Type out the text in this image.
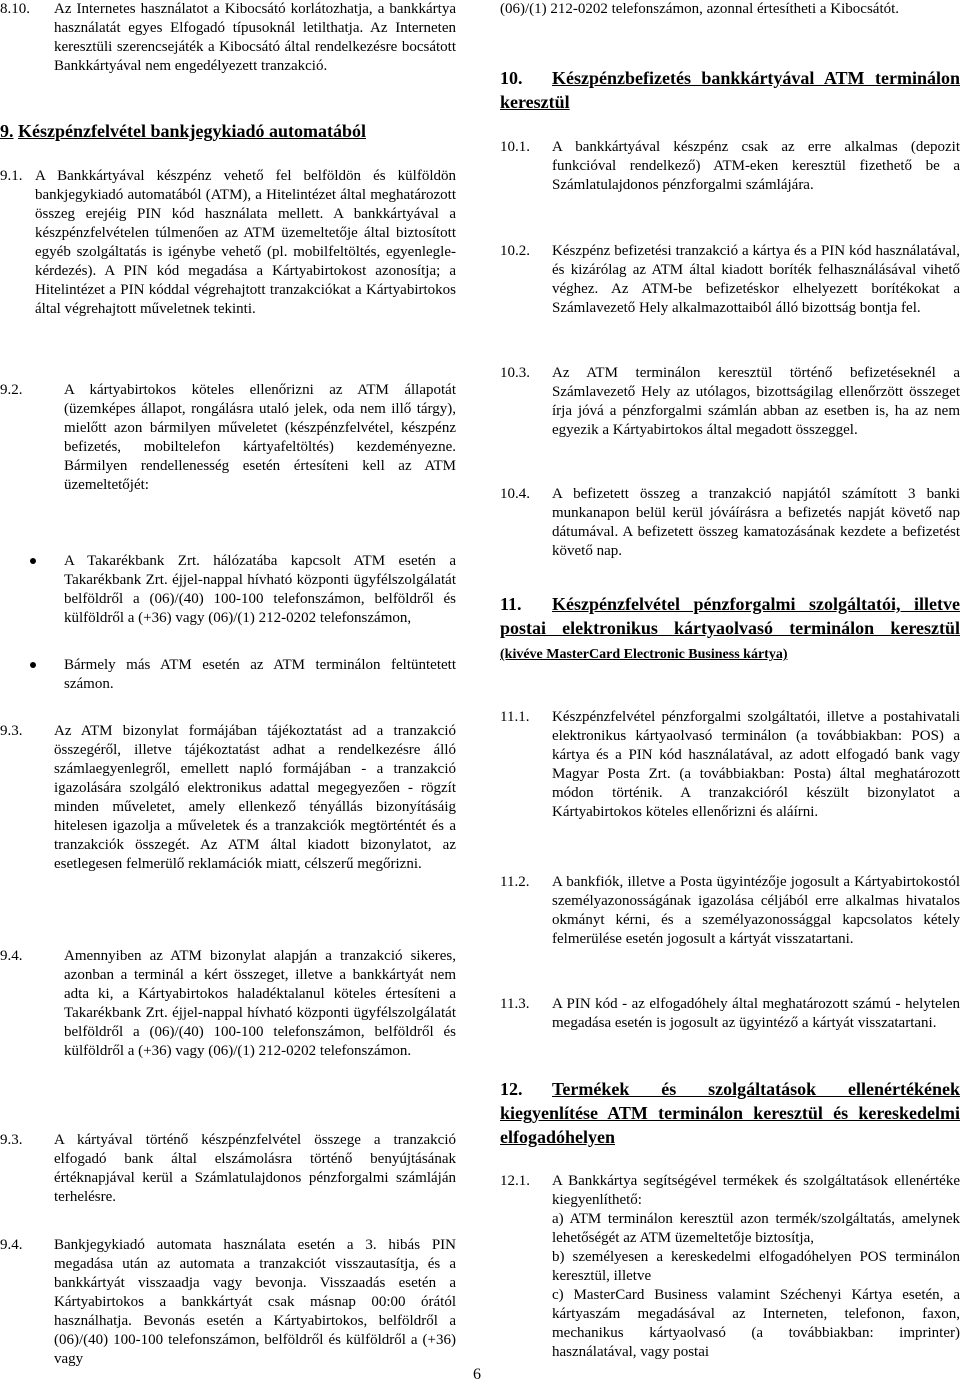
8.10. Az Internetes használatot a Kibocsátó korlátozhatja, a bankkártya használatát egyes Elfogadó típusoknál letilthatja. Az Interneten keresztüli szerencsejáték a Kibocsátó által rendelkezésre bocsátott Bankkártyával nem engedélyezett tranzakció.
9. Készpénzfelvétel bankjegykiadó automatából
9.1. A Bankkártyával készpénz vehető fel belföldön és külföldön bankjegykiadó automatából (ATM), a Hitelintézet által meghatározott összeg erejéig PIN kód használata mellett. A bankkártyával a készpénzfelvételen túlmenően az ATM üzemeltetője által biztosított egyéb szolgáltatás is igénybe vehető (pl. mobilfeltöltés, egyenleglekérdezés). A PIN kód megadása a Kártyabirtokost azonosítja; a Hitelintézet a PIN kóddal végrehajtott tranzakciókat a Kártyabirtokos által végrehajtott műveletnek tekinti.
9.2.	A kártyabirtokos köteles ellenőrizni az ATM állapotát (üzemképes állapot, rongálásra utaló jelek, oda nem illő tárgy), mielőtt azon bármilyen műveletet (készpénzfelvétel, készpénz befizetés, mobiltelefon kártyafeltöltés) kezdeményezne. Bármilyen rendellenesség esetén értesíteni kell az ATM üzemeltetőjét:
A Takarékbank Zrt. hálózatába kapcsolt ATM esetén a Takarékbank Zrt. éjjel-nappal hívható központi ügyfélszolgálatát belföldről a (06)/(40) 100-100 telefonszámon, belföldről és külföldről a (+36) vagy (06)/(1) 212-0202 telefonszámon,
Bármely más ATM esetén az ATM terminálon feltüntetett számon.
9.3. Az ATM bizonylat formájában tájékoztatást ad a tranzakció összegéről, illetve tájékoztatást adhat a rendelkezésre álló számlaegyenlegről, emellett napló formájában - a tranzakció igazolására szolgáló elektronikus adattal megegyezően - rögzít minden műveletet, amely ellenkező tényállás bizonyításáig hitelesen igazolja a műveletek és a tranzakciók megtörténtét és a tranzakciók összegét. Az ATM által kiadott bizonylatot, az esetlegesen felmerülő reklamációk miatt, célszerű megőrizni.
9.4.	Amennyiben az ATM bizonylat alapján a tranzakció sikeres, azonban a terminál a kért összeget, illetve a bankkártyát nem adta ki, a Kártyabirtokos haladéktalanul köteles értesíteni a Takarékbank Zrt. éjjel-nappal hívható központi ügyfélszolgálatát belföldről a (06)/(40) 100-100 telefonszámon, belföldről és külföldről a (+36) vagy (06)/(1) 212-0202 telefonszámon.
9.3. A kártyával történő készpénzfelvétel összege a tranzakció elfogadó bank által elszámolásra történő benyújtásának értéknapjával kerül a Számlatulajdonos pénzforgalmi számláján terhelésre.
9.4. Bankjegykiadó automata használata esetén a 3. hibás PIN megadása után az automata a tranzakciót visszautasítja, és a bankkártyát visszaadja vagy bevonja. Visszaadás esetén a Kártyabirtokos a bankkártyát csak másnap 00:00 órától használhatja. Bevonás esetén a Kártyabirtokos, belföldről a (06)/(40) 100-100 telefonszámon, belföldről és külföldről a (+36) vagy
(06)/(1) 212-0202 telefonszámon, azonnal értesítheti a Kibocsátót.
10. Készpénzbefizetés bankkártyával ATM terminálon keresztül
10.1. A bankkártyával készpénz csak az erre alkalmas (depozit funkcióval rendelkező) ATM-eken keresztül fizethető be a Számlatulajdonos pénzforgalmi számlájára.
10.2. Készpénz befizetési tranzakció a kártya és a PIN kód használatával, és kizárólag az ATM által kiadott boríték felhasználásával vihető véghez. Az ATM-be befizetéskor elhelyezett borítékokat a Számlavezető Hely alkalmazottaiból álló bizottság bontja fel.
10.3. Az ATM terminálon keresztül történő befizetéseknél a Számlavezető Hely az utólagos, bizottságilag ellenőrzött összeget írja jóvá a pénzforgalmi számlán abban az esetben is, ha az nem egyezik a Kártyabirtokos által megadott összeggel.
10.4. A befizetett összeg a tranzakció napjától számított 3 banki munkanapon belül kerül jóváírásra a befizetés napját követő nap dátumával. A befizetett összeg kamatozásának kezdete a befizetést követő nap.
11. Készpénzfelvétel pénzforgalmi szolgáltatói, illetve postai elektronikus kártyaolvasó terminálon keresztül (kivéve MasterCard Electronic Business kártya)
11.1. Készpénzfelvétel pénzforgalmi szolgáltatói, illetve a postahivatali elektronikus kártyaolvasó terminálon (a továbbiakban: POS) a kártya és a PIN kód használatával, az adott elfogadó bank vagy Magyar Posta Zrt. (a továbbiakban: Posta) által meghatározott módon történik. A tranzakcióról készült bizonylatot a Kártyabirtokos köteles ellenőrizni és aláírni.
11.2. A bankfiók, illetve a Posta ügyintézője jogosult a Kártyabirtokostól személyazonosságának igazolása céljából erre alkalmas hivatalos okmányt kérni, és a személyazonossággal kapcsolatos kétely felmerülése esetén jogosult a kártyát visszatartani.
11.3. A PIN kód - az elfogadóhely által meghatározott számú - helytelen megadása esetén is jogosult az ügyintéző a kártyát visszatartani.
12. Termékek és szolgáltatások ellenértékének kiegyenlítése ATM terminálon keresztül és kereskedelmi elfogadóhelyen
12.1. A Bankkártya segítségével termékek és szolgáltatások ellenértéke kiegyenlíthető:
a) ATM terminálon keresztül azon termék/szolgáltatás, amelynek lehetőségét az ATM üzemeltetője biztosítja,
b) személyesen a kereskedelmi elfogadóhelyen POS terminálon keresztül, illetve
c) MasterCard Business valamint Széchenyi Kártya esetén, a kártyaszám megadásával az Interneten, telefonon, faxon, mechanikus kártyaolvasó (a továbbiakban: imprinter) használatával, vagy postai
6
